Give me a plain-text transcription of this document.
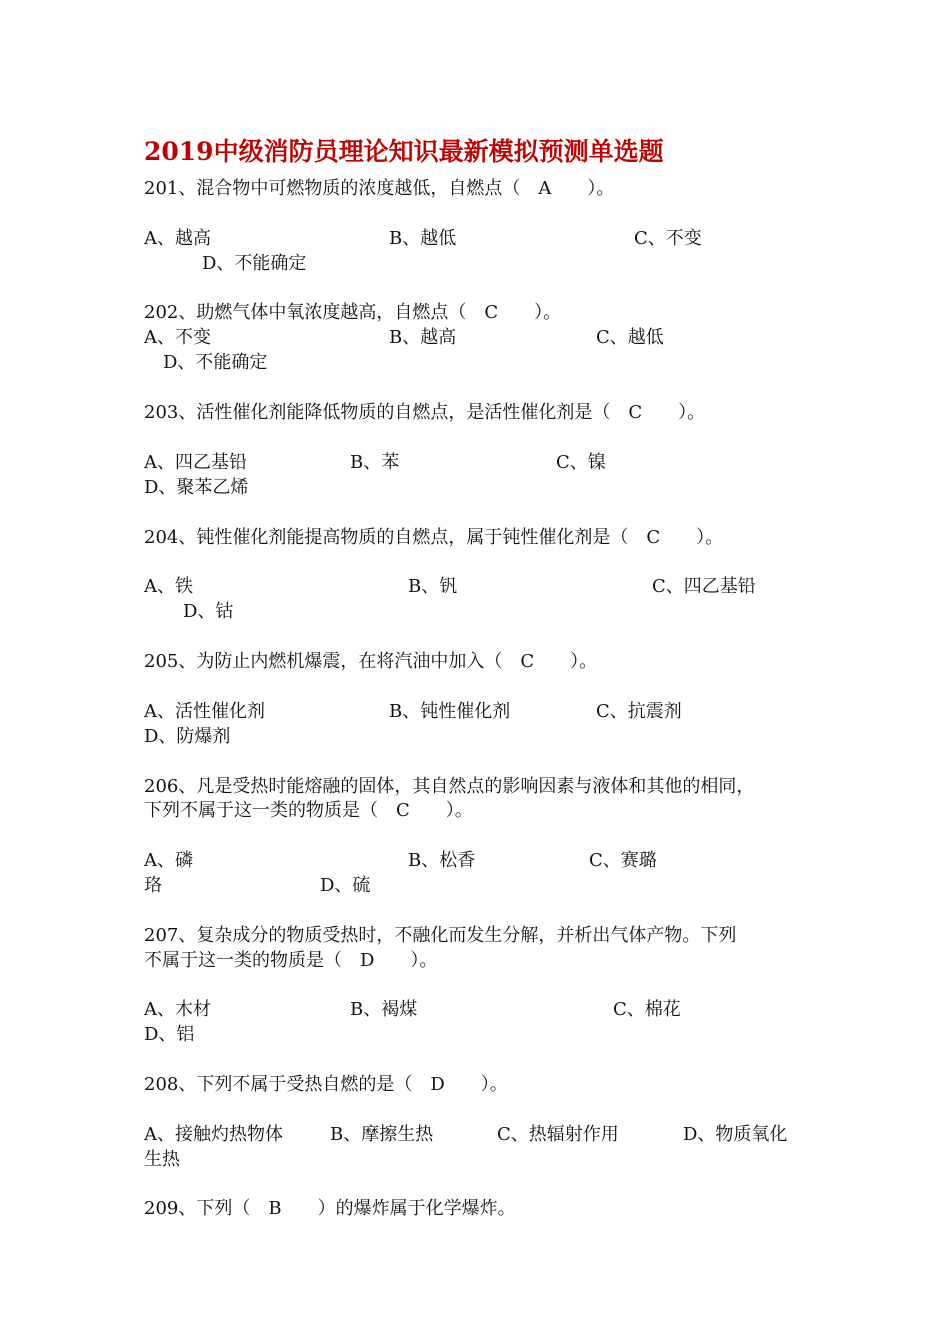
2019中级消防员理论知识最新模拟预测单选题

201、混合物中可燃物质的浓度越低，自燃点（　A　　）。

A、越高	B、越低	C、不变

D、不能确定

202、助燃气体中氧浓度越高，自燃点（　C　　）。

A、不变	B、越高	C、越低

D、不能确定

203、活性催化剂能降低物质的自燃点，是活性催化剂是（　C　　）。

A、四乙基铅	B、苯	C、镍

D、聚苯乙烯

204、钝性催化剂能提高物质的自燃点，属于钝性催化剂是（　C　　）。

A、铁	B、钒	C、四乙基铅

D、钴

205、为防止内燃机爆震，在将汽油中加入（　C　　）。

A、活性催化剂	B、钝性催化剂	C、抗震剂

D、防爆剂

206、凡是受热时能熔融的固体，其自然点的影响因素与液体和其他的相同，

下列不属于这一类的物质是（　C　　）。

A、磷	B、松香	C、赛璐

珞	D、硫

207、复杂成分的物质受热时，不融化而发生分解，并析出气体产物。下列

不属于这一类的物质是（　D　　）。

A、木材	B、褐煤	C、棉花

D、铝

208、下列不属于受热自燃的是（　D　　）。

A、接触灼热物体	B、摩擦生热	C、热辐射作用	D、物质氧化

生热

209、下列（　B　　）的爆炸属于化学爆炸。
